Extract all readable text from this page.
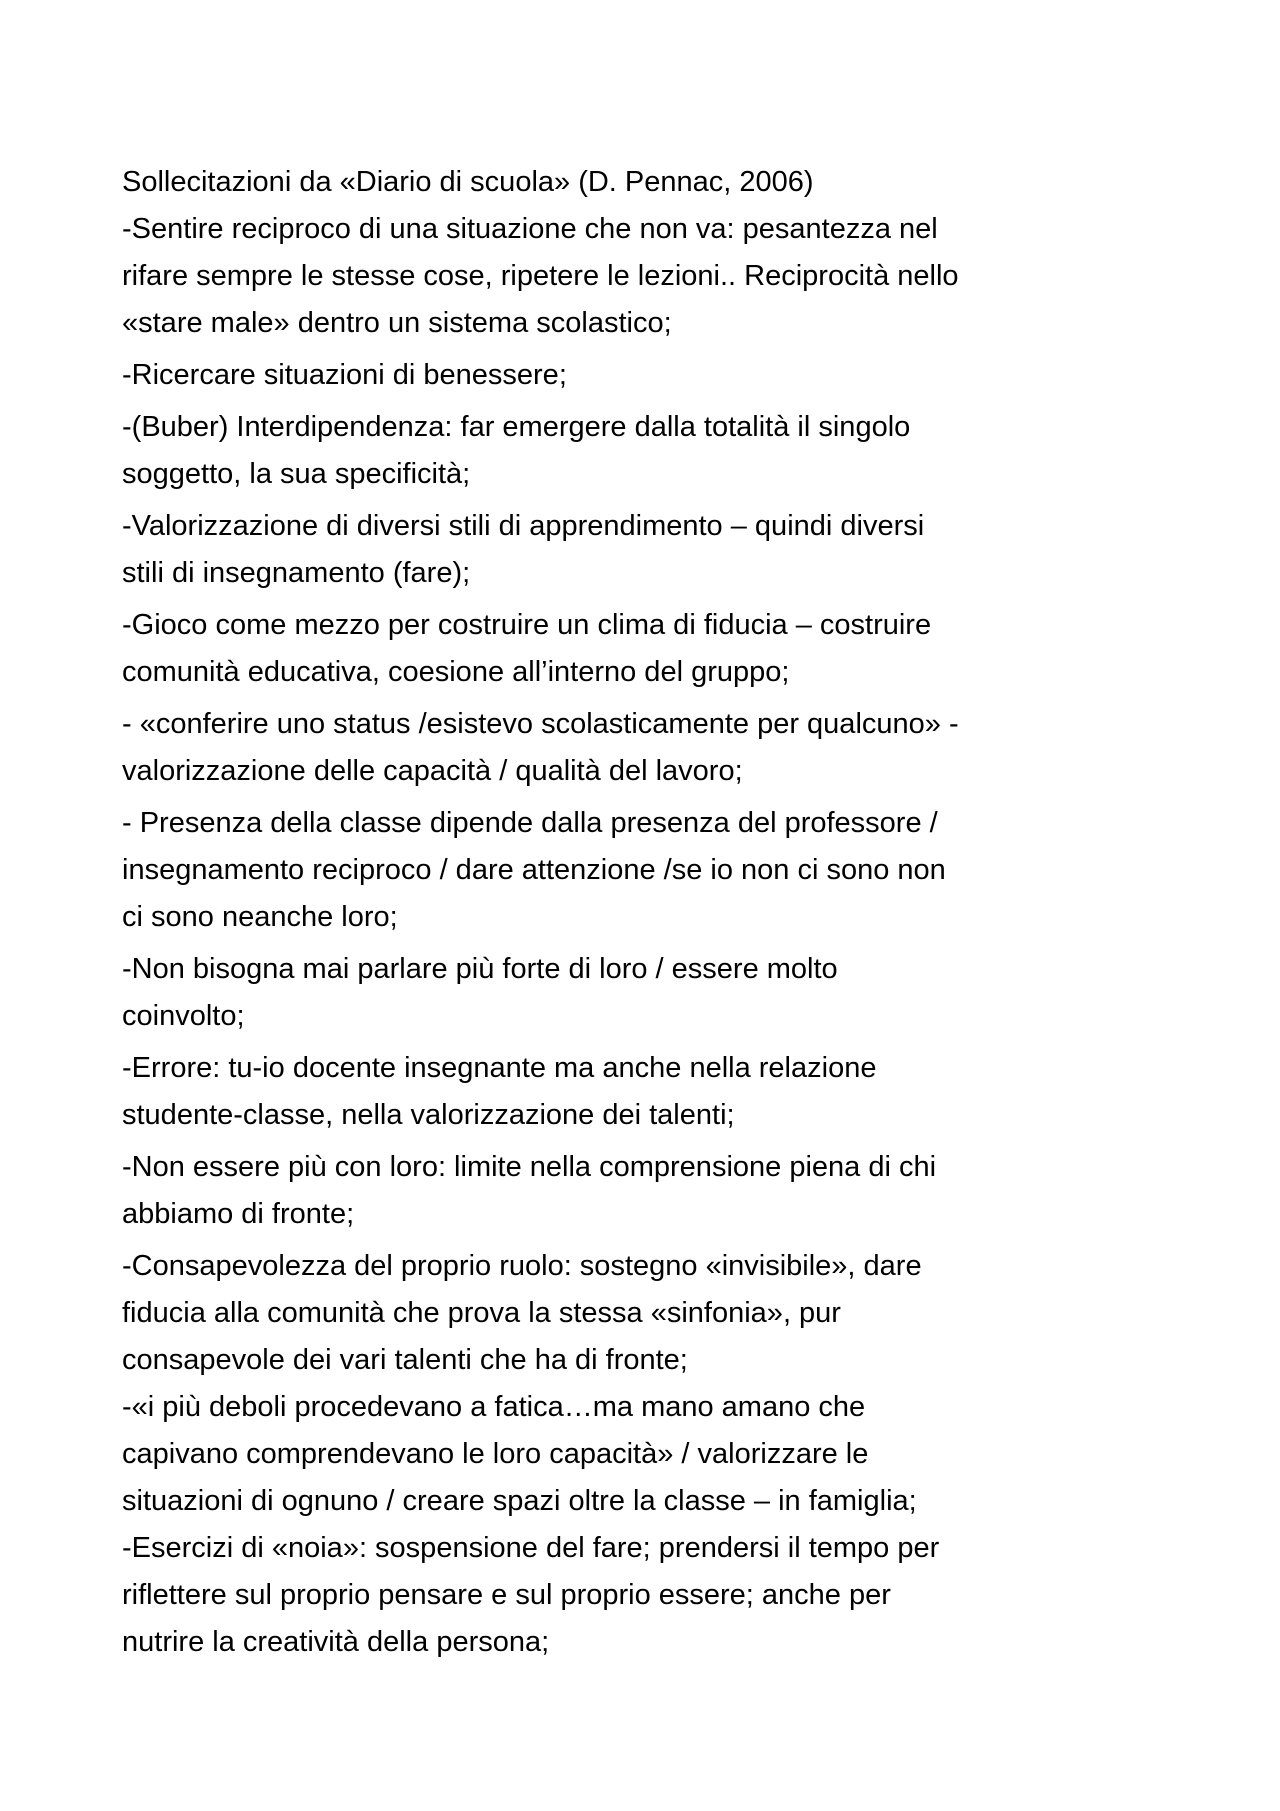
Sollecitazioni da «Diario di scuola» (D. Pennac, 2006)

-Sentire reciproco di una situazione che non va: pesantezza nel
rifare sempre le stesse cose, ripetere le lezioni.. Reciprocità nello
«stare male» dentro un sistema scolastico;

-Ricercare situazioni di benessere;

-(Buber) Interdipendenza: far emergere dalla totalità il singolo
soggetto, la sua specificità;

-Valorizzazione di diversi stili di apprendimento – quindi diversi
stili di insegnamento (fare);

-Gioco come mezzo per costruire un clima di fiducia – costruire
comunità educativa, coesione all’interno del gruppo;

- «conferire uno status /esistevo scolasticamente per qualcuno» -
valorizzazione delle capacità / qualità del lavoro;

- Presenza della classe dipende dalla presenza del professore /
insegnamento reciproco / dare attenzione /se io non ci sono non
ci sono neanche loro;

-Non bisogna mai parlare più forte di loro / essere molto
coinvolto;

-Errore: tu-io docente insegnante ma anche nella relazione
studente-classe, nella valorizzazione dei talenti;

-Non essere più con loro: limite nella comprensione piena di chi
abbiamo di fronte;

-Consapevolezza del proprio ruolo: sostegno «invisibile», dare
fiducia alla comunità che prova la stessa «sinfonia», pur
consapevole dei vari talenti che ha di fronte;

-«i più deboli procedevano a fatica…ma mano amano che
capivano comprendevano le loro capacità» / valorizzare le
situazioni di ognuno / creare spazi oltre la classe – in famiglia;

-Esercizi di «noia»: sospensione del fare; prendersi il tempo per
riflettere sul proprio pensare e sul proprio essere; anche per
nutrire la creatività della persona;
